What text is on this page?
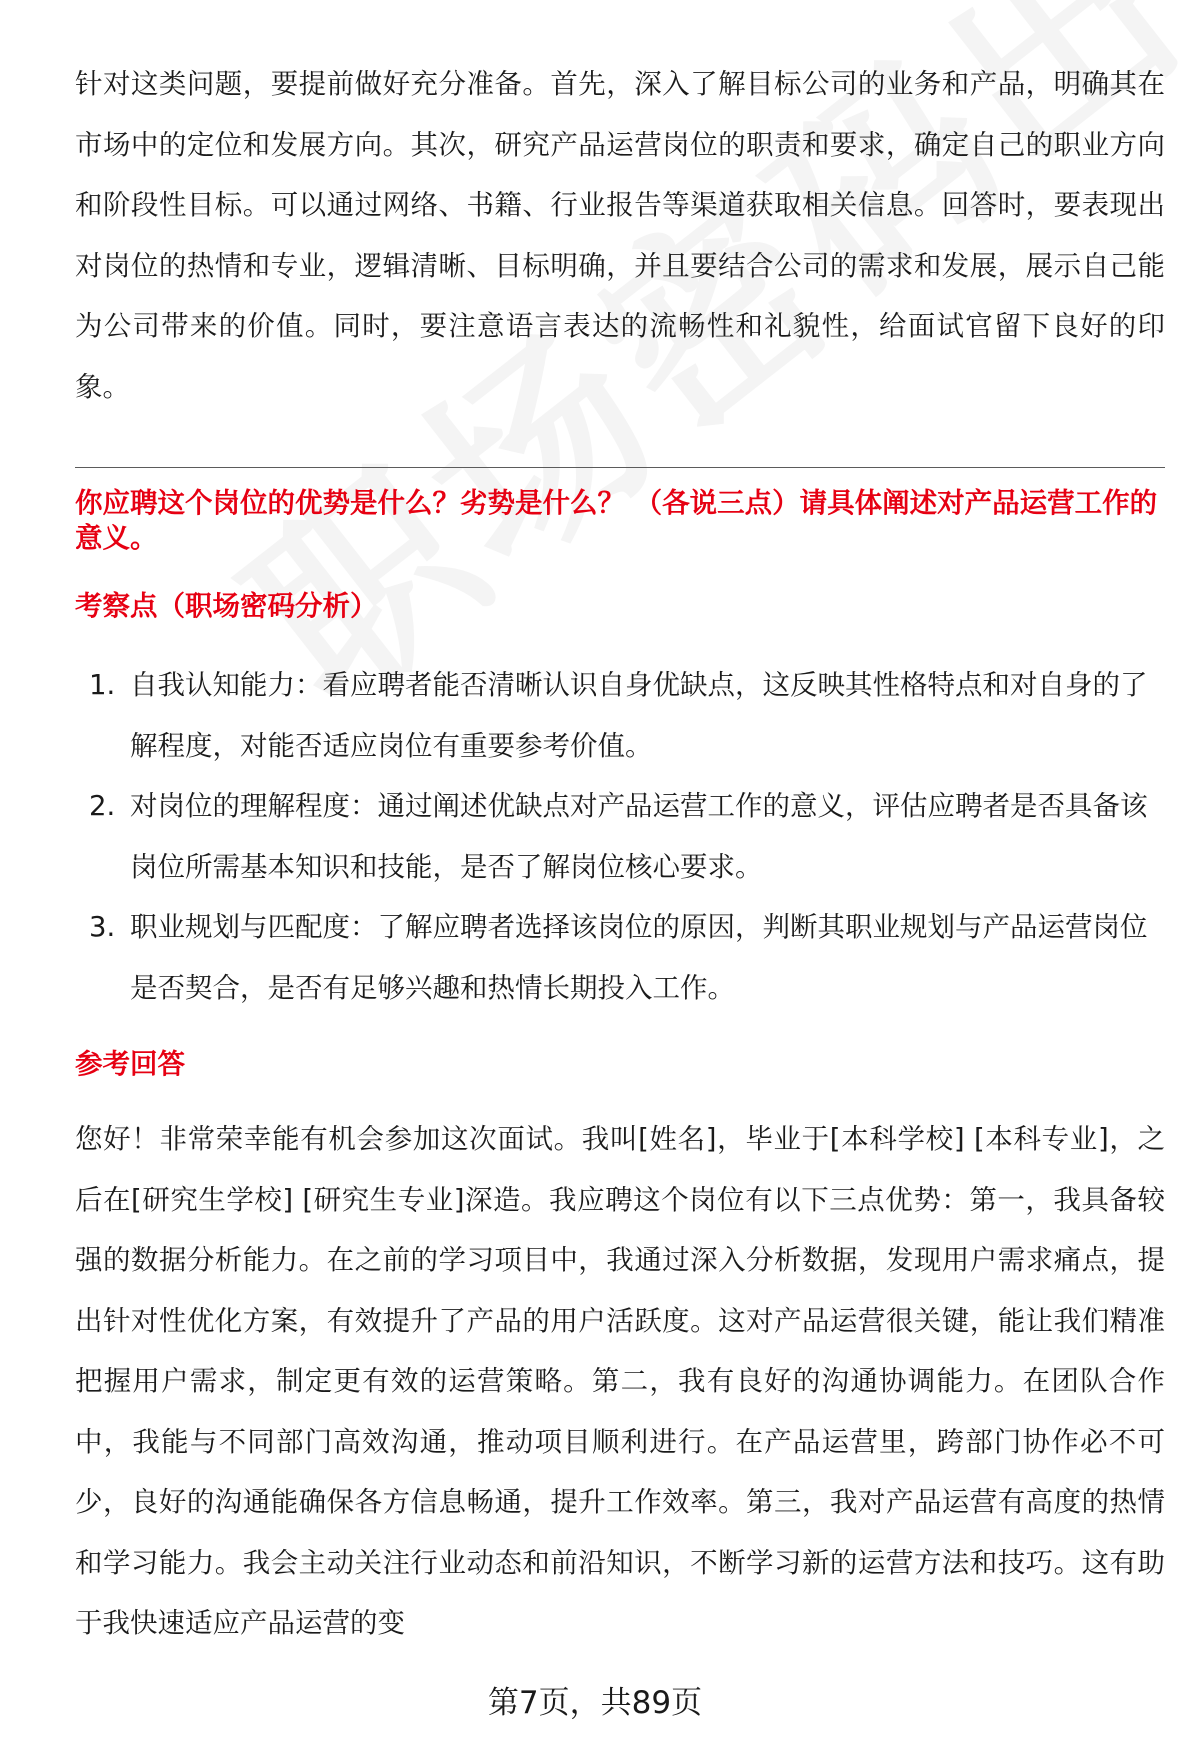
针对这类问题，要提前做好充分准备。首先，深入了解目标公司的业务和产品，明确其在市场中的定位和发展方向。其次，研究产品运营岗位的职责和要求，确定自己的职业方向和阶段性目标。可以通过网络、书籍、行业报告等渠道获取相关信息。回答时，要表现出对岗位的热情和专业，逻辑清晰、目标明确，并且要结合公司的需求和发展，展示自己能为公司带来的价值。同时，要注意语言表达的流畅性和礼貌性，给面试官留下良好的印象。

你应聘这个岗位的优势是什么？劣势是什么？ （各说三点）请具体阐述对产品运营工作的意义。

考察点（职场密码分析）

1. 自我认知能力：看应聘者能否清晰认识自身优缺点，这反映其性格特点和对自身的了解程度，对能否适应岗位有重要参考价值。
2. 对岗位的理解程度：通过阐述优缺点对产品运营工作的意义，评估应聘者是否具备该岗位所需基本知识和技能，是否了解岗位核心要求。
3. 职业规划与匹配度：了解应聘者选择该岗位的原因，判断其职业规划与产品运营岗位是否契合，是否有足够兴趣和热情长期投入工作。

参考回答

您好！非常荣幸能有机会参加这次面试。我叫[姓名]，毕业于[本科学校] [本科专业]，之后在[研究生学校] [研究生专业]深造。我应聘这个岗位有以下三点优势：第一，我具备较强的数据分析能力。在之前的学习项目中，我通过深入分析数据，发现用户需求痛点，提出针对性优化方案，有效提升了产品的用户活跃度。这对产品运营很关键，能让我们精准把握用户需求，制定更有效的运营策略。第二，我有良好的沟通协调能力。在团队合作中，我能与不同部门高效沟通，推动项目顺利进行。在产品运营里，跨部门协作必不可少，良好的沟通能确保各方信息畅通，提升工作效率。第三，我对产品运营有高度的热情和学习能力。我会主动关注行业动态和前沿知识，不断学习新的运营方法和技巧。这有助于我快速适应产品运营的变

第7页，共89页
